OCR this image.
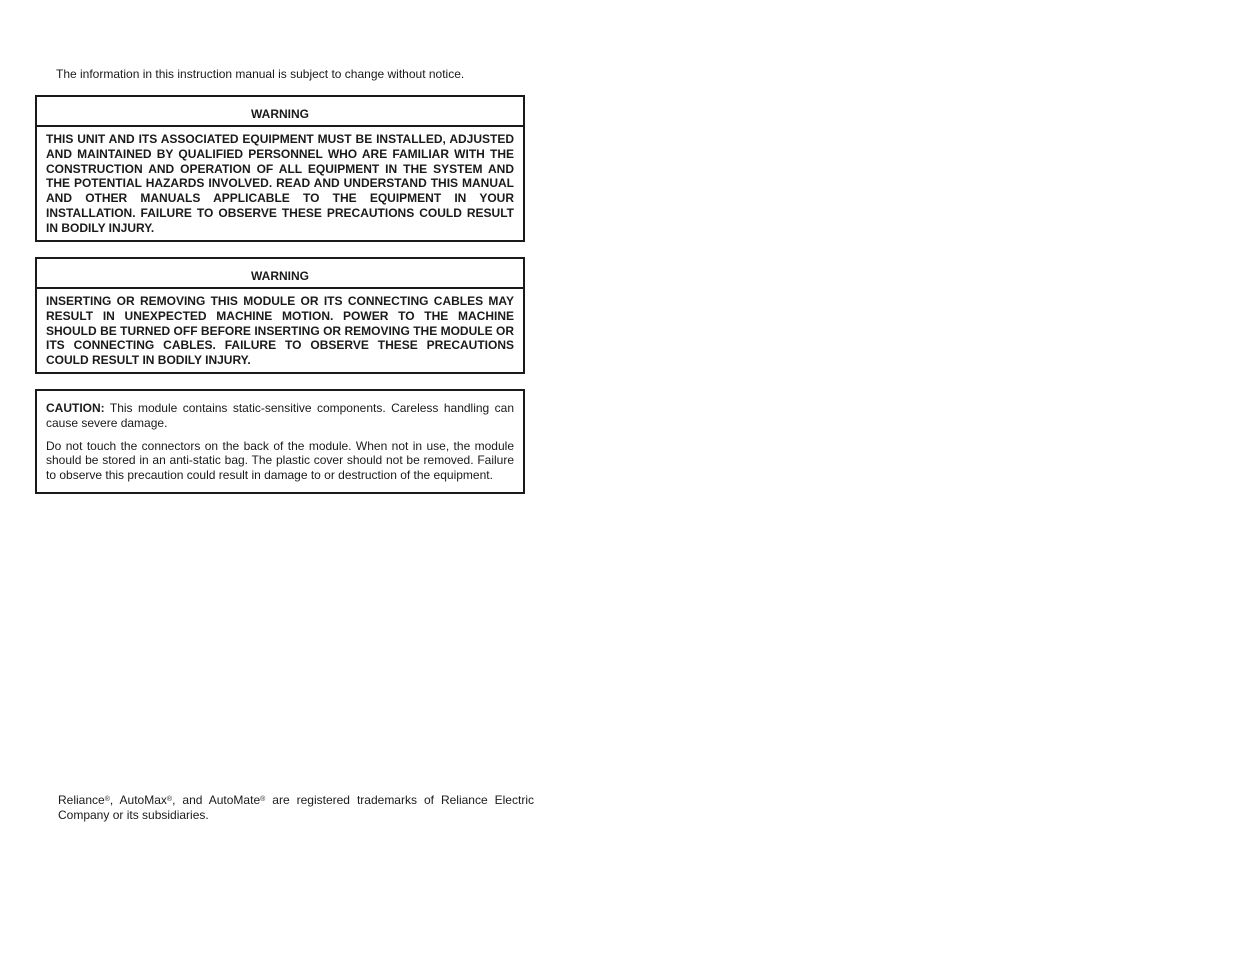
The information in this instruction manual is subject to change without notice.
WARNING
THIS UNIT AND ITS ASSOCIATED EQUIPMENT MUST BE INSTALLED, ADJUSTED AND MAINTAINED BY QUALIFIED PERSONNEL WHO ARE FAMILIAR WITH THE CONSTRUCTION AND OPERATION OF ALL EQUIPMENT IN THE SYSTEM AND THE POTENTIAL HAZARDS INVOLVED. READ AND UNDERSTAND THIS MANUAL AND OTHER MANUALS APPLICABLE TO THE EQUIPMENT IN YOUR INSTALLATION. FAILURE TO OBSERVE THESE PRECAUTIONS COULD RESULT IN BODILY INJURY.
WARNING
INSERTING OR REMOVING THIS MODULE OR ITS CONNECTING CABLES MAY RESULT IN UNEXPECTED MACHINE MOTION. POWER TO THE MACHINE SHOULD BE TURNED OFF BEFORE INSERTING OR REMOVING THE MODULE OR ITS CONNECTING CABLES. FAILURE TO OBSERVE THESE PRECAUTIONS COULD RESULT IN BODILY INJURY.

CAUTION: This module contains static-sensitive components. Careless handling can cause severe damage.

Do not touch the connectors on the back of the module. When not in use, the module should be stored in an anti-static bag. The plastic cover should not be removed. Failure to observe this precaution could result in damage to or destruction of the equipment.

Reliance®, AutoMax®, and AutoMate® are registered trademarks of Reliance Electric Company or its subsidiaries.
